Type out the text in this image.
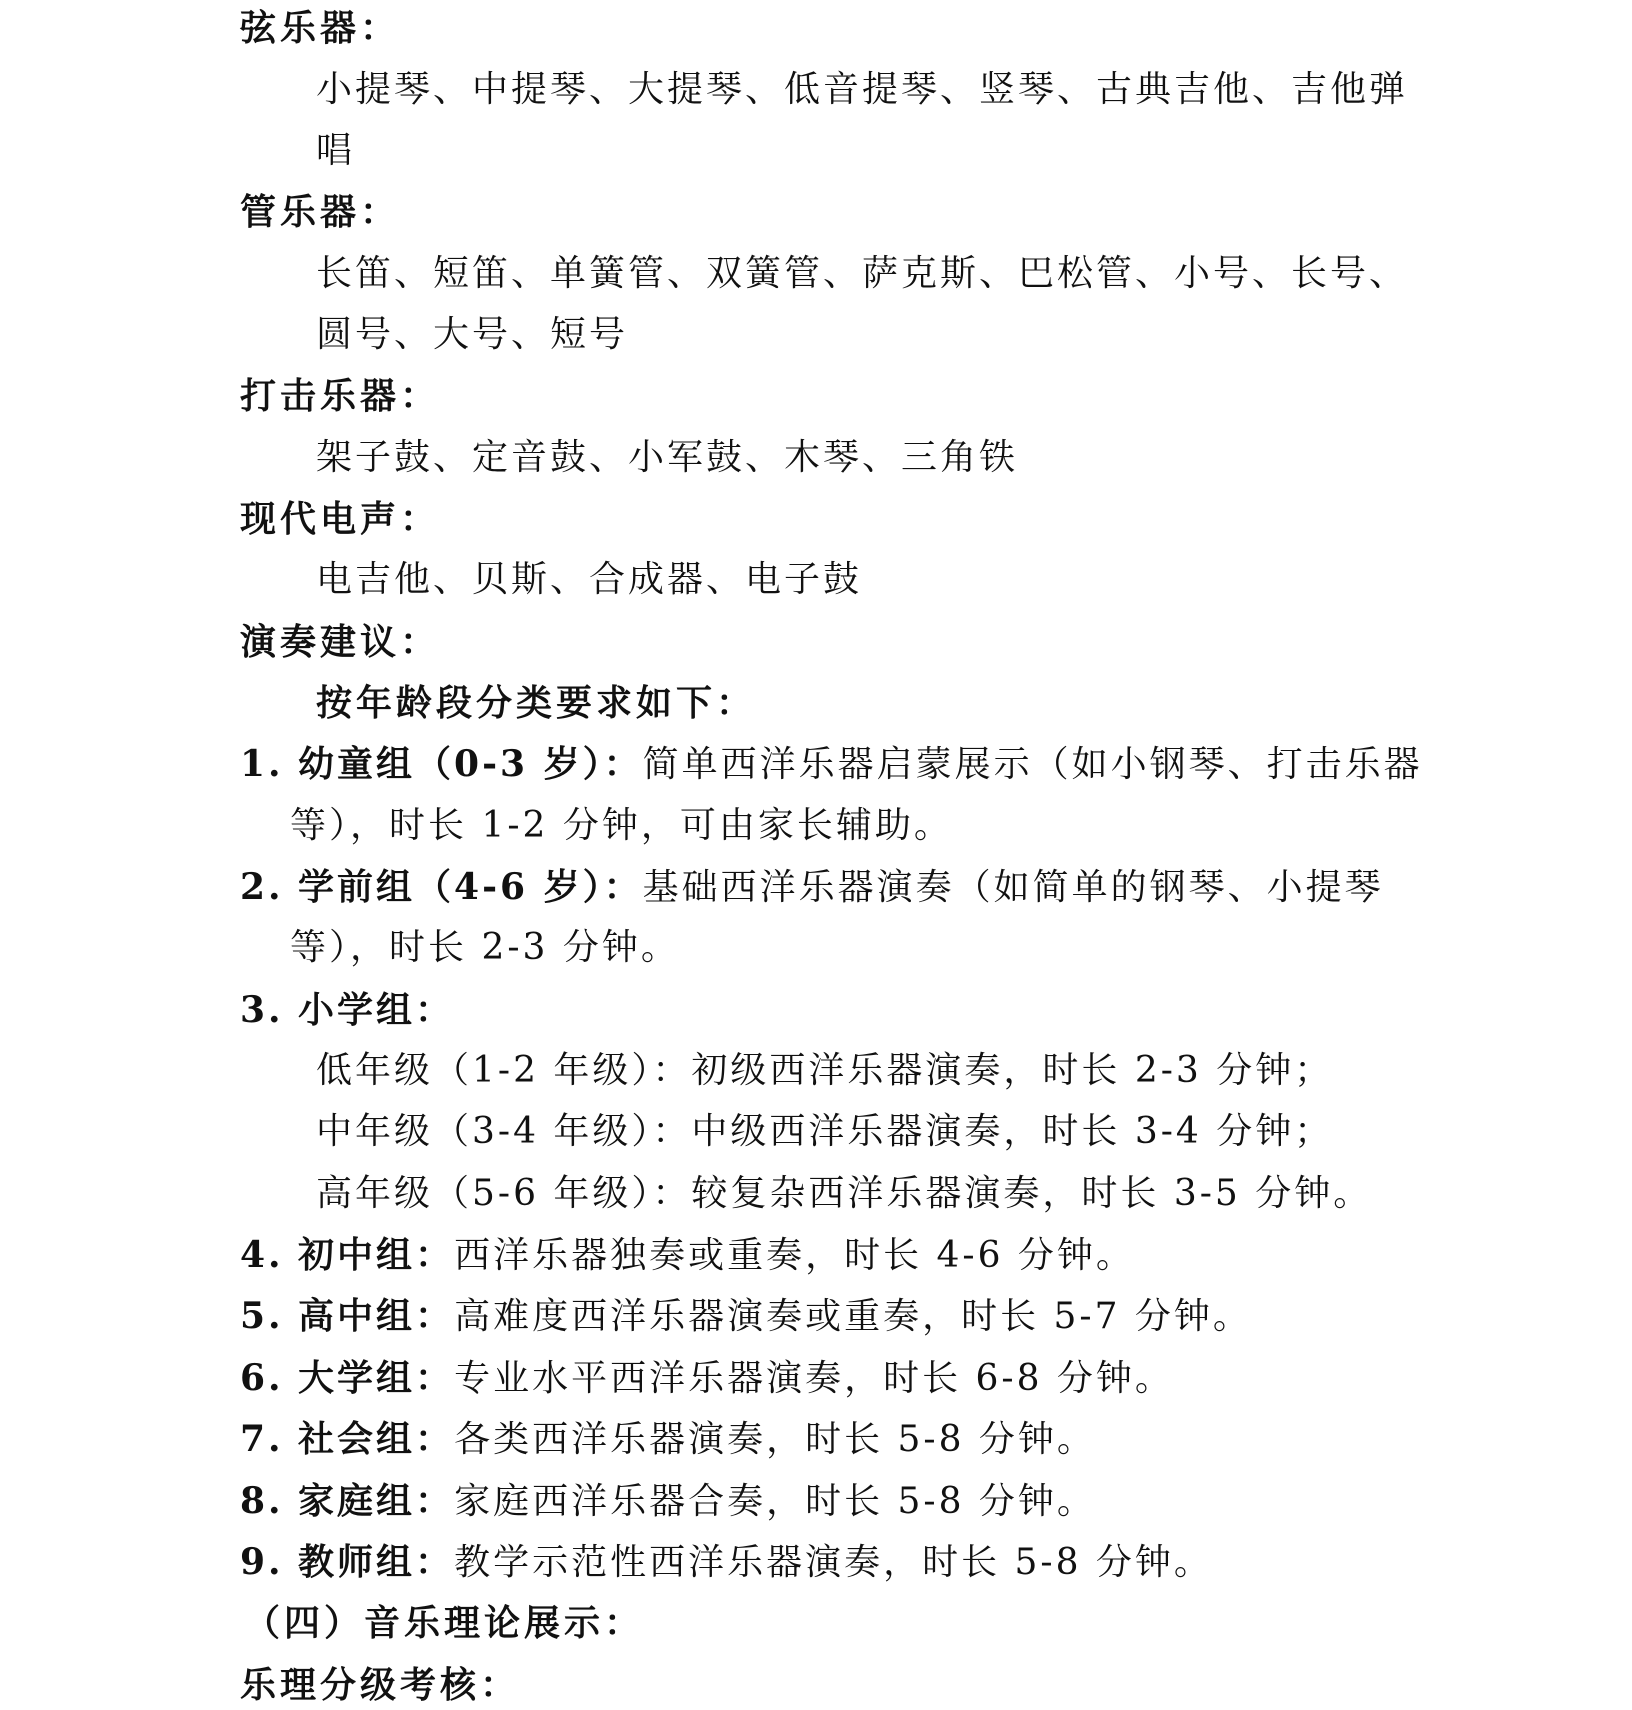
弦乐器：
小提琴、中提琴、大提琴、低音提琴、竖琴、古典吉他、吉他弹
唱
管乐器：
长笛、短笛、单簧管、双簧管、萨克斯、巴松管、小号、长号、
圆号、大号、短号
打击乐器：
架子鼓、定音鼓、小军鼓、木琴、三角铁
现代电声：
电吉他、贝斯、合成器、电子鼓
演奏建议：
按年龄段分类要求如下：
1. 幼童组（0-3 岁）：简单西洋乐器启蒙展示（如小钢琴、打击乐器
等），时长 1-2 分钟，可由家长辅助。
2. 学前组（4-6 岁）：基础西洋乐器演奏（如简单的钢琴、小提琴
等），时长 2-3 分钟。
3. 小学组：
低年级（1-2 年级）：初级西洋乐器演奏，时长 2-3 分钟；
中年级（3-4 年级）：中级西洋乐器演奏，时长 3-4 分钟；
高年级（5-6 年级）：较复杂西洋乐器演奏，时长 3-5 分钟。
4. 初中组：西洋乐器独奏或重奏，时长 4-6 分钟。
5. 高中组：高难度西洋乐器演奏或重奏，时长 5-7 分钟。
6. 大学组：专业水平西洋乐器演奏，时长 6-8 分钟。
7. 社会组：各类西洋乐器演奏，时长 5-8 分钟。
8. 家庭组：家庭西洋乐器合奏，时长 5-8 分钟。
9. 教师组：教学示范性西洋乐器演奏，时长 5-8 分钟。
（四）音乐理论展示：
乐理分级考核：
